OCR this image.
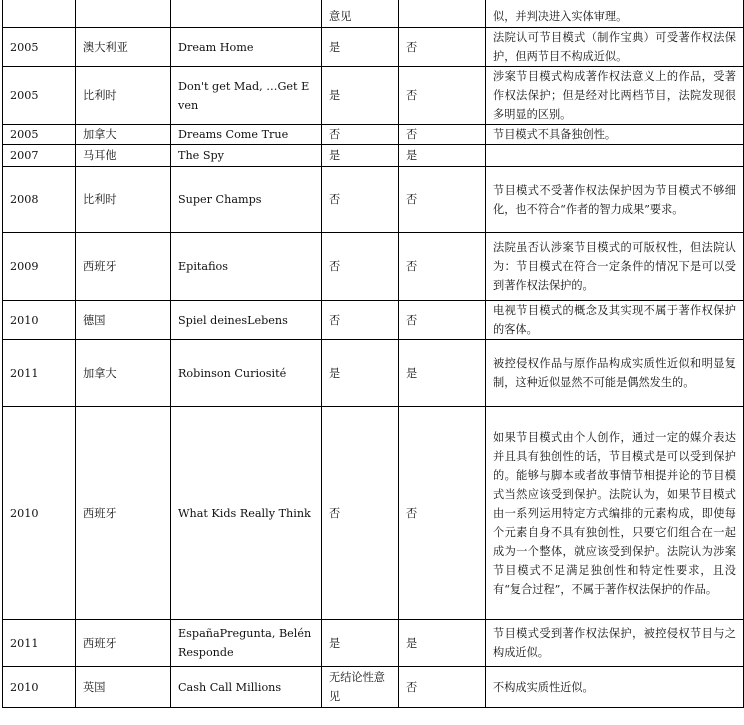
			意见		似，并判决进入实体审理。
2005	澳大利亚	Dream Home	是	否	法院认可节目模式（制作宝典）可受著作权法保护，但两节目不构成近似。
2005	比利时	Don't get Mad, …Get Even	是	否	涉案节目模式构成著作权法意义上的作品，受著作权法保护；但是经对比两档节目，法院发现很多明显的区别。
2005	加拿大	Dreams Come True	否	否	节目模式不具备独创性。
2007	马耳他	The Spy	是	是	
2008	比利时	Super Champs	否	否	节目模式不受著作权法保护因为节目模式不够细化，也不符合“作者的智力成果”要求。
2009	西班牙	Epitafios	否	否	法院虽否认涉案节目模式的可版权性，但法院认为：节目模式在符合一定条件的情况下是可以受到著作权法保护的。
2010	德国	Spiel deinesLebens	否	否	电视节目模式的概念及其实现不属于著作权保护的客体。
2011	加拿大	Robinson Curiosité	是	是	被控侵权作品与原作品构成实质性近似和明显复制，这种近似显然不可能是偶然发生的。
2010	西班牙	What Kids Really Think	否	否	如果节目模式由个人创作，通过一定的媒介表达并且具有独创性的话，节目模式是可以受到保护的。能够与脚本或者故事情节相提并论的节目模式当然应该受到保护。法院认为，如果节目模式由一系列运用特定方式编排的元素构成，即使每个元素自身不具有独创性，只要它们组合在一起成为一个整体，就应该受到保护。法院认为涉案节目模式不足满足独创性和特定性要求，且没有“复合过程”，不属于著作权法保护的作品。
2011	西班牙	EspañaPregunta, BelénResponde	是	是	节目模式受到著作权法保护，被控侵权节目与之构成近似。
2010	英国	Cash Call Millions	无结论性意见	否	不构成实质性近似。
